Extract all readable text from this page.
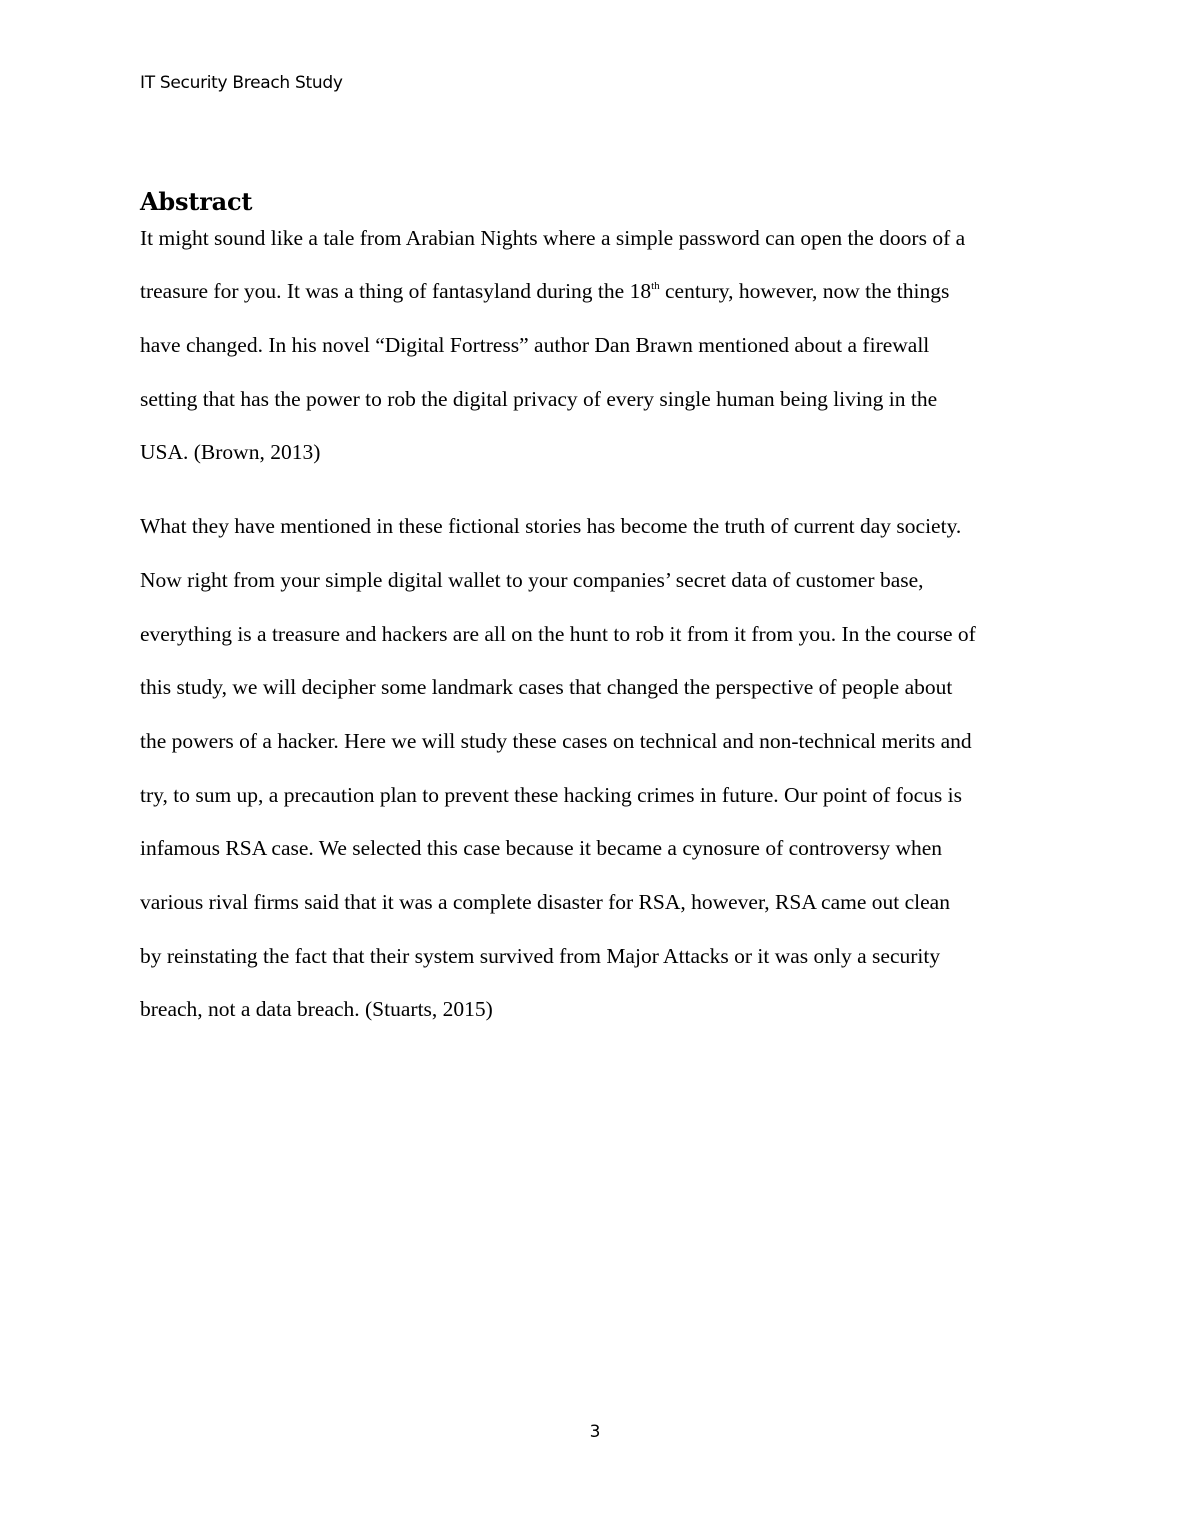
IT Security Breach Study
Abstract
It might sound like a tale from Arabian Nights where a simple password can open the doors of a
treasure for you. It was a thing of fantasyland during the 18th century, however, now the things
have changed. In his novel “Digital Fortress” author Dan Brawn mentioned about a firewall
setting that has the power to rob the digital privacy of every single human being living in the
USA. (Brown, 2013)
What they have mentioned in these fictional stories has become the truth of current day society.
Now right from your simple digital wallet to your companies’ secret data of customer base,
everything is a treasure and hackers are all on the hunt to rob it from it from you. In the course of
this study, we will decipher some landmark cases that changed the perspective of people about
the powers of a hacker. Here we will study these cases on technical and non-technical merits and
try, to sum up, a precaution plan to prevent these hacking crimes in future. Our point of focus is
infamous RSA case. We selected this case because it became a cynosure of controversy when
various rival firms said that it was a complete disaster for RSA, however, RSA came out clean
by reinstating the fact that their system survived from Major Attacks or it was only a security
breach, not a data breach. (Stuarts, 2015)
3
